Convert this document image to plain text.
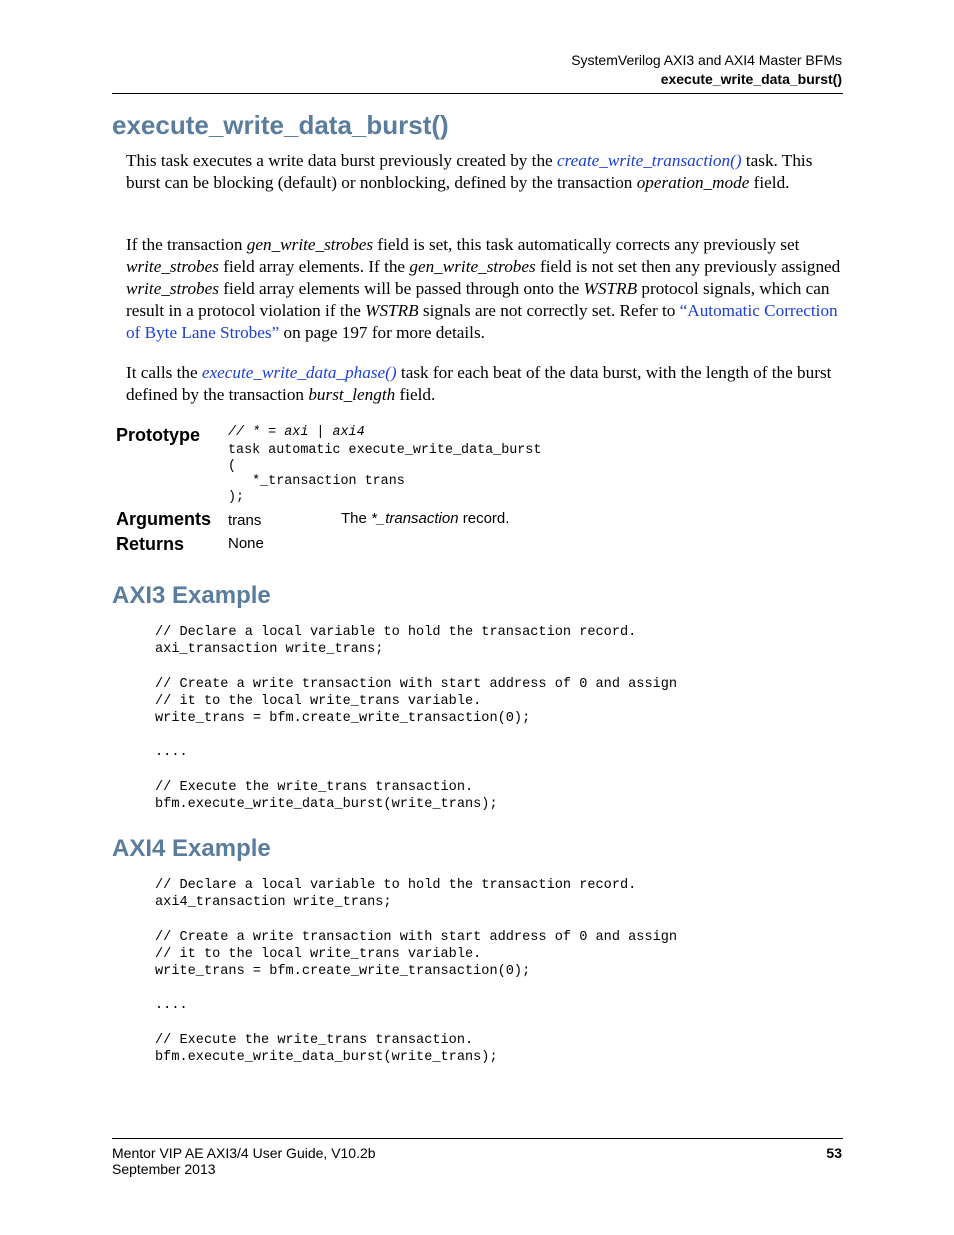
SystemVerilog AXI3 and AXI4 Master BFMs
execute_write_data_burst()
execute_write_data_burst()
This task executes a write data burst previously created by the create_write_transaction() task. This burst can be blocking (default) or nonblocking, defined by the transaction operation_mode field.
If the transaction gen_write_strobes field is set, this task automatically corrects any previously set write_strobes field array elements. If the gen_write_strobes field is not set then any previously assigned write_strobes field array elements will be passed through onto the WSTRB protocol signals, which can result in a protocol violation if the WSTRB signals are not correctly set. Refer to “Automatic Correction of Byte Lane Strobes” on page 197 for more details.
It calls the execute_write_data_phase() task for each beat of the data burst, with the length of the burst defined by the transaction burst_length field.
Prototype // * = axi | axi4
task automatic execute_write_data_burst
(
*_transaction trans
);
Arguments trans	The *_transaction record.
Returns	None
AXI3 Example
// Declare a local variable to hold the transaction record.
axi_transaction write_trans;

// Create a write transaction with start address of 0 and assign
// it to the local write_trans variable.
write_trans = bfm.create_write_transaction(0);

....

// Execute the write_trans transaction.
bfm.execute_write_data_burst(write_trans);
AXI4 Example
// Declare a local variable to hold the transaction record.
axi4_transaction write_trans;

// Create a write transaction with start address of 0 and assign
// it to the local write_trans variable.
write_trans = bfm.create_write_transaction(0);

....

// Execute the write_trans transaction.
bfm.execute_write_data_burst(write_trans);
Mentor VIP AE AXI3/4 User Guide, V10.2b
September 2013
53
